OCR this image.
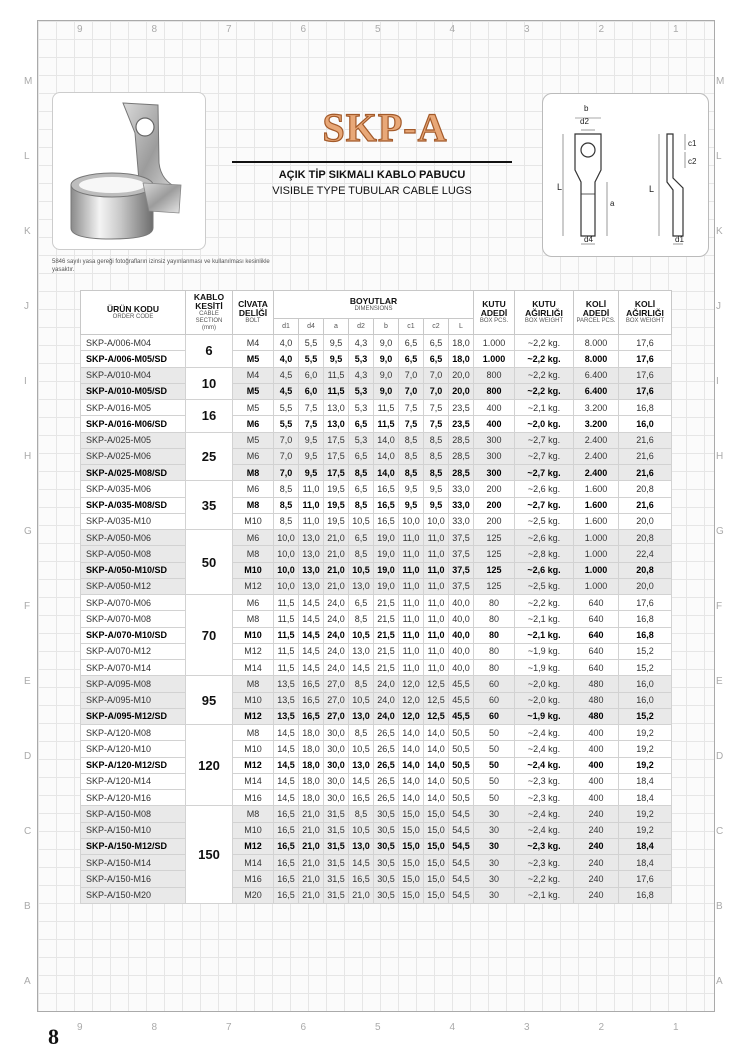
9	8	7	6	5	4	3	2	1
9	8	7	6	5	4	3	2	1
M
L
K
J
I
H
G
F
E
D
C
B
A
M
L
K
J
I
H
G
F
E
D
C
B
A
5846 sayılı yasa gereği fotoğrafların izinsiz yayınlanması ve kullanılması kesinlikle yasaktır.
SKP-A
AÇIK TİP SIKMALI KABLO PABUCU
VISIBLE TYPE TUBULAR CABLE LUGS
b
d2
L
a
d4
c1
c2
L
d1
ÜRÜN KODU
ORDER CODE	KABLO KESİTİ
CABLE SECTION
(mm)	CİVATA DELİĞİ
BOLT	BOYUTLAR
DIMENSIONS								KUTU ADEDİ
BOX PCS.	KUTU AĞIRLIĞI
BOX WEIGHT	KOLİ ADEDİ
PARCEL PCS.	KOLİ AĞIRLIĞI
BOX WEIGHT

			d1	d4	a	d2	b	c1	c2	L				
SKP-A/006-M04	6	M4	4,0	5,5	9,5	4,3	9,0	6,5	6,5	18,0	1.000	~2,2 kg.	8.000	17,6
SKP-A/006-M05/SD		M5	4,0	5,5	9,5	5,3	9,0	6,5	6,5	18,0	1.000	~2,2 kg.	8.000	17,6
SKP-A/010-M04	10	M4	4,5	6,0	11,5	4,3	9,0	7,0	7,0	20,0	800	~2,2 kg.	6.400	17,6
SKP-A/010-M05/SD		M5	4,5	6,0	11,5	5,3	9,0	7,0	7,0	20,0	800	~2,2 kg.	6.400	17,6
SKP-A/016-M05	16	M5	5,5	7,5	13,0	5,3	11,5	7,5	7,5	23,5	400	~2,1 kg.	3.200	16,8
SKP-A/016-M06/SD		M6	5,5	7,5	13,0	6,5	11,5	7,5	7,5	23,5	400	~2,0 kg.	3.200	16,0
SKP-A/025-M05	25	M5	7,0	9,5	17,5	5,3	14,0	8,5	8,5	28,5	300	~2,7 kg.	2.400	21,6
SKP-A/025-M06		M6	7,0	9,5	17,5	6,5	14,0	8,5	8,5	28,5	300	~2,7 kg.	2.400	21,6
SKP-A/025-M08/SD		M8	7,0	9,5	17,5	8,5	14,0	8,5	8,5	28,5	300	~2,7 kg.	2.400	21,6
SKP-A/035-M06	35	M6	8,5	11,0	19,5	6,5	16,5	9,5	9,5	33,0	200	~2,6 kg.	1.600	20,8
SKP-A/035-M08/SD		M8	8,5	11,0	19,5	8,5	16,5	9,5	9,5	33,0	200	~2,7 kg.	1.600	21,6
SKP-A/035-M10		M10	8,5	11,0	19,5	10,5	16,5	10,0	10,0	33,0	200	~2,5 kg.	1.600	20,0
SKP-A/050-M06	50	M6	10,0	13,0	21,0	6,5	19,0	11,0	11,0	37,5	125	~2,6 kg.	1.000	20,8
SKP-A/050-M08		M8	10,0	13,0	21,0	8,5	19,0	11,0	11,0	37,5	125	~2,8 kg.	1.000	22,4
SKP-A/050-M10/SD		M10	10,0	13,0	21,0	10,5	19,0	11,0	11,0	37,5	125	~2,6 kg.	1.000	20,8
SKP-A/050-M12		M12	10,0	13,0	21,0	13,0	19,0	11,0	11,0	37,5	125	~2,5 kg.	1.000	20,0
SKP-A/070-M06	70	M6	11,5	14,5	24,0	6,5	21,5	11,0	11,0	40,0	80	~2,2 kg.	640	17,6
SKP-A/070-M08		M8	11,5	14,5	24,0	8,5	21,5	11,0	11,0	40,0	80	~2,1 kg.	640	16,8
SKP-A/070-M10/SD		M10	11,5	14,5	24,0	10,5	21,5	11,0	11,0	40,0	80	~2,1 kg.	640	16,8
SKP-A/070-M12		M12	11,5	14,5	24,0	13,0	21,5	11,0	11,0	40,0	80	~1,9 kg.	640	15,2
SKP-A/070-M14		M14	11,5	14,5	24,0	14,5	21,5	11,0	11,0	40,0	80	~1,9 kg.	640	15,2
SKP-A/095-M08	95	M8	13,5	16,5	27,0	8,5	24,0	12,0	12,5	45,5	60	~2,0 kg.	480	16,0
SKP-A/095-M10		M10	13,5	16,5	27,0	10,5	24,0	12,0	12,5	45,5	60	~2,0 kg.	480	16,0
SKP-A/095-M12/SD		M12	13,5	16,5	27,0	13,0	24,0	12,0	12,5	45,5	60	~1,9 kg.	480	15,2
SKP-A/120-M08	120	M8	14,5	18,0	30,0	8,5	26,5	14,0	14,0	50,5	50	~2,4 kg.	400	19,2
SKP-A/120-M10		M10	14,5	18,0	30,0	10,5	26,5	14,0	14,0	50,5	50	~2,4 kg.	400	19,2
SKP-A/120-M12/SD		M12	14,5	18,0	30,0	13,0	26,5	14,0	14,0	50,5	50	~2,4 kg.	400	19,2
SKP-A/120-M14		M14	14,5	18,0	30,0	14,5	26,5	14,0	14,0	50,5	50	~2,3 kg.	400	18,4
SKP-A/120-M16		M16	14,5	18,0	30,0	16,5	26,5	14,0	14,0	50,5	50	~2,3 kg.	400	18,4
SKP-A/150-M08	150	M8	16,5	21,0	31,5	8,5	30,5	15,0	15,0	54,5	30	~2,4 kg.	240	19,2
SKP-A/150-M10		M10	16,5	21,0	31,5	10,5	30,5	15,0	15,0	54,5	30	~2,4 kg.	240	19,2
SKP-A/150-M12/SD		M12	16,5	21,0	31,5	13,0	30,5	15,0	15,0	54,5	30	~2,3 kg.	240	18,4
SKP-A/150-M14		M14	16,5	21,0	31,5	14,5	30,5	15,0	15,0	54,5	30	~2,3 kg.	240	18,4
SKP-A/150-M16		M16	16,5	21,0	31,5	16,5	30,5	15,0	15,0	54,5	30	~2,2 kg.	240	17,6
SKP-A/150-M20		M20	16,5	21,0	31,5	21,0	30,5	15,0	15,0	54,5	30	~2,1 kg.	240	16,8
8
